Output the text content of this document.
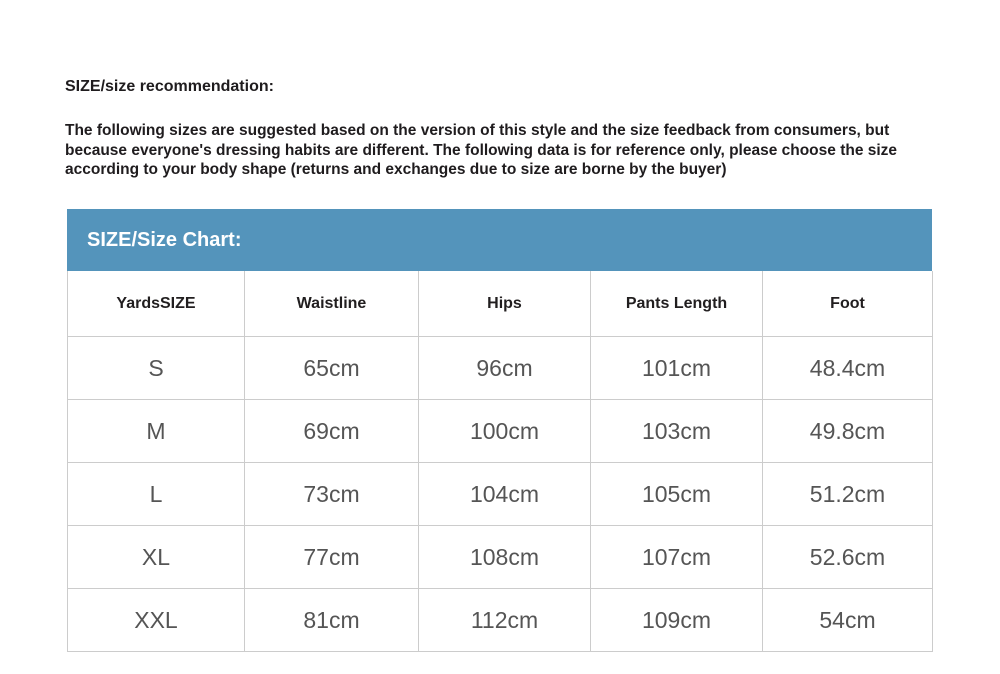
SIZE/size recommendation:
The following sizes are suggested based on the version of this style and the size feedback from consumers, but because everyone's dressing habits are different. The following data is for reference only, please choose the size according to your body shape (returns and exchanges due to size are borne by the buyer)
SIZE/Size Chart:
YardsSIZE	Waistline	Hips	Pants Length	Foot
S	65cm	96cm	101cm	48.4cm
M	69cm	100cm	103cm	49.8cm
L	73cm	104cm	105cm	51.2cm
XL	77cm	108cm	107cm	52.6cm
XXL	81cm	112cm	109cm	54cm
